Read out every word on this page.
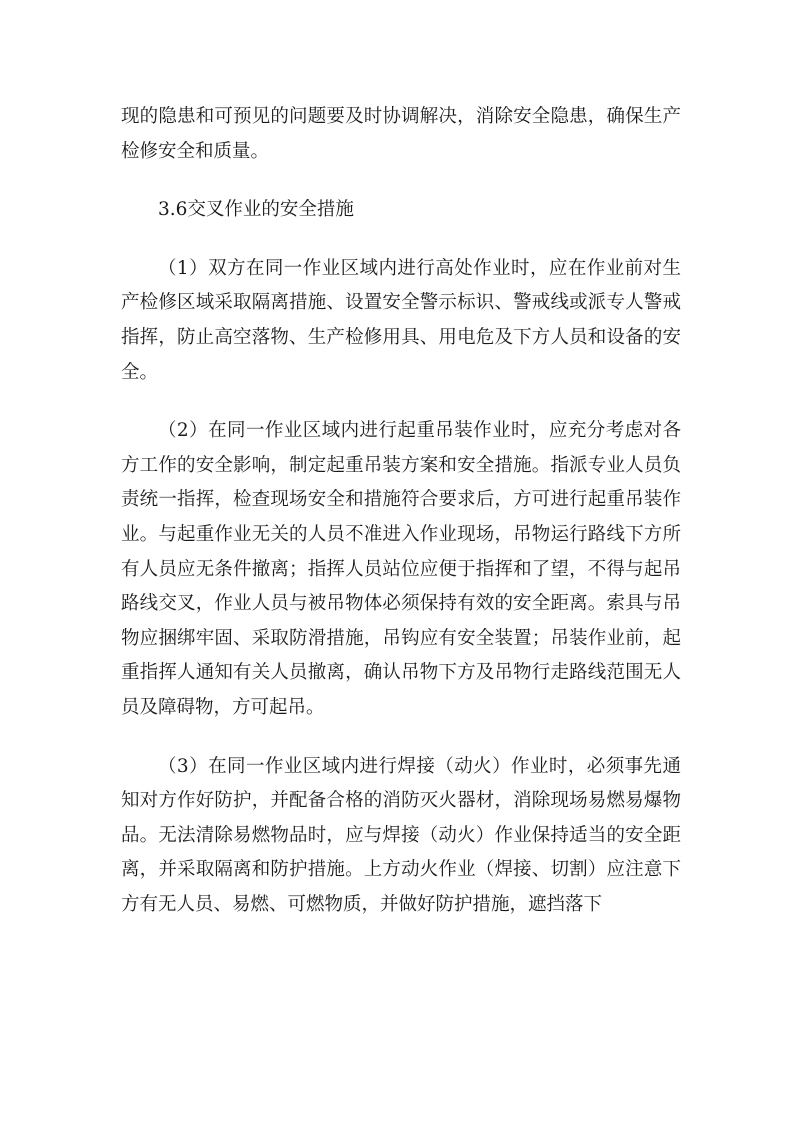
现的隐患和可预见的问题要及时协调解决，消除安全隐患，确保生产检修安全和质量。

3.6交叉作业的安全措施

（1）双方在同一作业区域内进行高处作业时，应在作业前对生产检修区域采取隔离措施、设置安全警示标识、警戒线或派专人警戒指挥，防止高空落物、生产检修用具、用电危及下方人员和设备的安全。

（2）在同一作业区域内进行起重吊装作业时，应充分考虑对各方工作的安全影响，制定起重吊装方案和安全措施。指派专业人员负责统一指挥，检查现场安全和措施符合要求后，方可进行起重吊装作业。与起重作业无关的人员不准进入作业现场，吊物运行路线下方所有人员应无条件撤离；指挥人员站位应便于指挥和了望，不得与起吊路线交叉，作业人员与被吊物体必须保持有效的安全距离。索具与吊物应捆绑牢固、采取防滑措施，吊钩应有安全装置；吊装作业前，起重指挥人通知有关人员撤离，确认吊物下方及吊物行走路线范围无人员及障碍物，方可起吊。

（3）在同一作业区域内进行焊接（动火）作业时，必须事先通知对方作好防护，并配备合格的消防灭火器材，消除现场易燃易爆物品。无法清除易燃物品时，应与焊接（动火）作业保持适当的安全距离，并采取隔离和防护措施。上方动火作业（焊接、切割）应注意下方有无人员、易燃、可燃物质，并做好防护措施，遮挡落下
